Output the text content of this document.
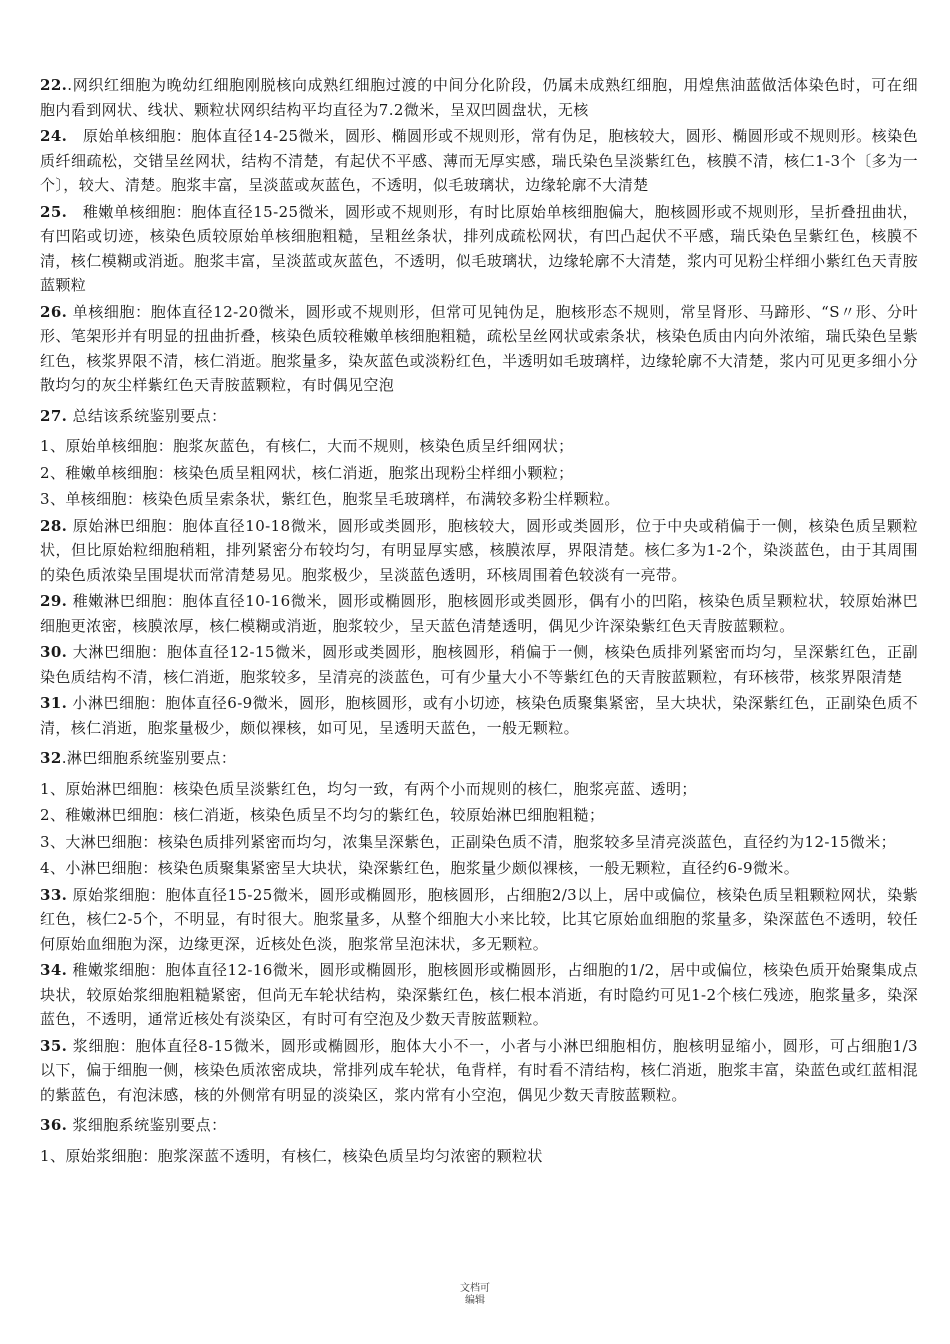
22..网织红细胞为晚幼红细胞刚脱核向成熟红细胞过渡的中间分化阶段，仍属未成熟红细胞，用煌焦油蓝做活体染色时，可在细胞内看到网状、线状、颗粒状网织结构平均直径为7.2微米，呈双凹圆盘状，无核

24.　原始单核细胞：胞体直径14-25微米，圆形、椭圆形或不规则形，常有伪足，胞核较大，圆形、椭圆形或不规则形。核染色质纤细疏松，交错呈丝网状，结构不清楚，有起伏不平感、薄而无厚实感，瑞氏染色呈淡紫红色，核膜不清，核仁1-3个〔多为一个〕，较大、清楚。胞浆丰富，呈淡蓝或灰蓝色，不透明，似毛玻璃状，边缘轮廓不大清楚

25.　稚嫩单核细胞：胞体直径15-25微米，圆形或不规则形，有时比原始单核细胞偏大，胞核圆形或不规则形，呈折叠扭曲状，有凹陷或切迹，核染色质较原始单核细胞粗糙，呈粗丝条状，排列成疏松网状，有凹凸起伏不平感，瑞氏染色呈紫红色，核膜不清，核仁模糊或消逝。胞浆丰富，呈淡蓝或灰蓝色，不透明，似毛玻璃状，边缘轮廓不大清楚，浆内可见粉尘样细小紫红色天青胺蓝颗粒

26. 单核细胞：胞体直径12-20微米，圆形或不规则形，但常可见钝伪足，胞核形态不规则，常呈肾形、马蹄形、“S〃形、分叶形、笔架形并有明显的扭曲折叠，核染色质较稚嫩单核细胞粗糙，疏松呈丝网状或索条状，核染色质由内向外浓缩，瑞氏染色呈紫红色，核浆界限不清，核仁消逝。胞浆量多，染灰蓝色或淡粉红色，半透明如毛玻璃样，边缘轮廓不大清楚，浆内可见更多细小分散均匀的灰尘样紫红色天青胺蓝颗粒，有时偶见空泡

27. 总结该系统鉴别要点：

1、原始单核细胞：胞浆灰蓝色，有核仁，大而不规则，核染色质呈纤细网状；

2、稚嫩单核细胞：核染色质呈粗网状，核仁消逝，胞浆出现粉尘样细小颗粒；

3、单核细胞：核染色质呈索条状，紫红色，胞浆呈毛玻璃样，布满较多粉尘样颗粒。

28. 原始淋巴细胞：胞体直径10-18微米，圆形或类圆形，胞核较大，圆形或类圆形，位于中央或稍偏于一侧，核染色质呈颗粒状，但比原始粒细胞稍粗，排列紧密分布较均匀，有明显厚实感，核膜浓厚，界限清楚。核仁多为1-2个，染淡蓝色，由于其周围的染色质浓染呈围堤状而常清楚易见。胞浆极少，呈淡蓝色透明，环核周围着色较淡有一亮带。

29. 稚嫩淋巴细胞：胞体直径10-16微米，圆形或椭圆形，胞核圆形或类圆形，偶有小的凹陷，核染色质呈颗粒状，较原始淋巴细胞更浓密，核膜浓厚，核仁模糊或消逝，胞浆较少，呈天蓝色清楚透明，偶见少许深染紫红色天青胺蓝颗粒。

30. 大淋巴细胞：胞体直径12-15微米，圆形或类圆形，胞核圆形，稍偏于一侧，核染色质排列紧密而均匀，呈深紫红色，正副染色质结构不清，核仁消逝，胞浆较多，呈清亮的淡蓝色，可有少量大小不等紫红色的天青胺蓝颗粒，有环核带，核浆界限清楚

31. 小淋巴细胞：胞体直径6-9微米，圆形，胞核圆形，或有小切迹，核染色质聚集紧密，呈大块状，染深紫红色，正副染色质不清，核仁消逝，胞浆量极少，颇似裸核，如可见，呈透明天蓝色，一般无颗粒。

32.淋巴细胞系统鉴别要点：

1、原始淋巴细胞：核染色质呈淡紫红色，均匀一致，有两个小而规则的核仁，胞浆亮蓝、透明；

2、稚嫩淋巴细胞：核仁消逝，核染色质呈不均匀的紫红色，较原始淋巴细胞粗糙；

3、大淋巴细胞：核染色质排列紧密而均匀，浓集呈深紫色，正副染色质不清，胞浆较多呈清亮淡蓝色，直径约为12-15微米；

4、小淋巴细胞：核染色质聚集紧密呈大块状，染深紫红色，胞浆量少颇似裸核，一般无颗粒，直径约6-9微米。

33. 原始浆细胞：胞体直径15-25微米，圆形或椭圆形，胞核圆形，占细胞2/3以上，居中或偏位，核染色质呈粗颗粒网状，染紫红色，核仁2-5个，不明显，有时很大。胞浆量多，从整个细胞大小来比较，比其它原始血细胞的浆量多，染深蓝色不透明，较任何原始血细胞为深，边缘更深，近核处色淡，胞浆常呈泡沫状，多无颗粒。

34. 稚嫩浆细胞：胞体直径12-16微米，圆形或椭圆形，胞核圆形或椭圆形，占细胞的1/2，居中或偏位，核染色质开始聚集成点块状，较原始浆细胞粗糙紧密，但尚无车轮状结构，染深紫红色，核仁根本消逝，有时隐约可见1-2个核仁残迹，胞浆量多，染深蓝色，不透明，通常近核处有淡染区，有时可有空泡及少数天青胺蓝颗粒。

35. 浆细胞：胞体直径8-15微米，圆形或椭圆形，胞体大小不一，小者与小淋巴细胞相仿，胞核明显缩小，圆形，可占细胞1/3以下，偏于细胞一侧，核染色质浓密成块，常排列成车轮状，龟背样，有时看不清结构，核仁消逝，胞浆丰富，染蓝色或红蓝相混的紫蓝色，有泡沫感，核的外侧常有明显的淡染区，浆内常有小空泡，偶见少数天青胺蓝颗粒。

36. 浆细胞系统鉴别要点：

1、原始浆细胞：胞浆深蓝不透明，有核仁，核染色质呈均匀浓密的颗粒状

文档可
编辑
